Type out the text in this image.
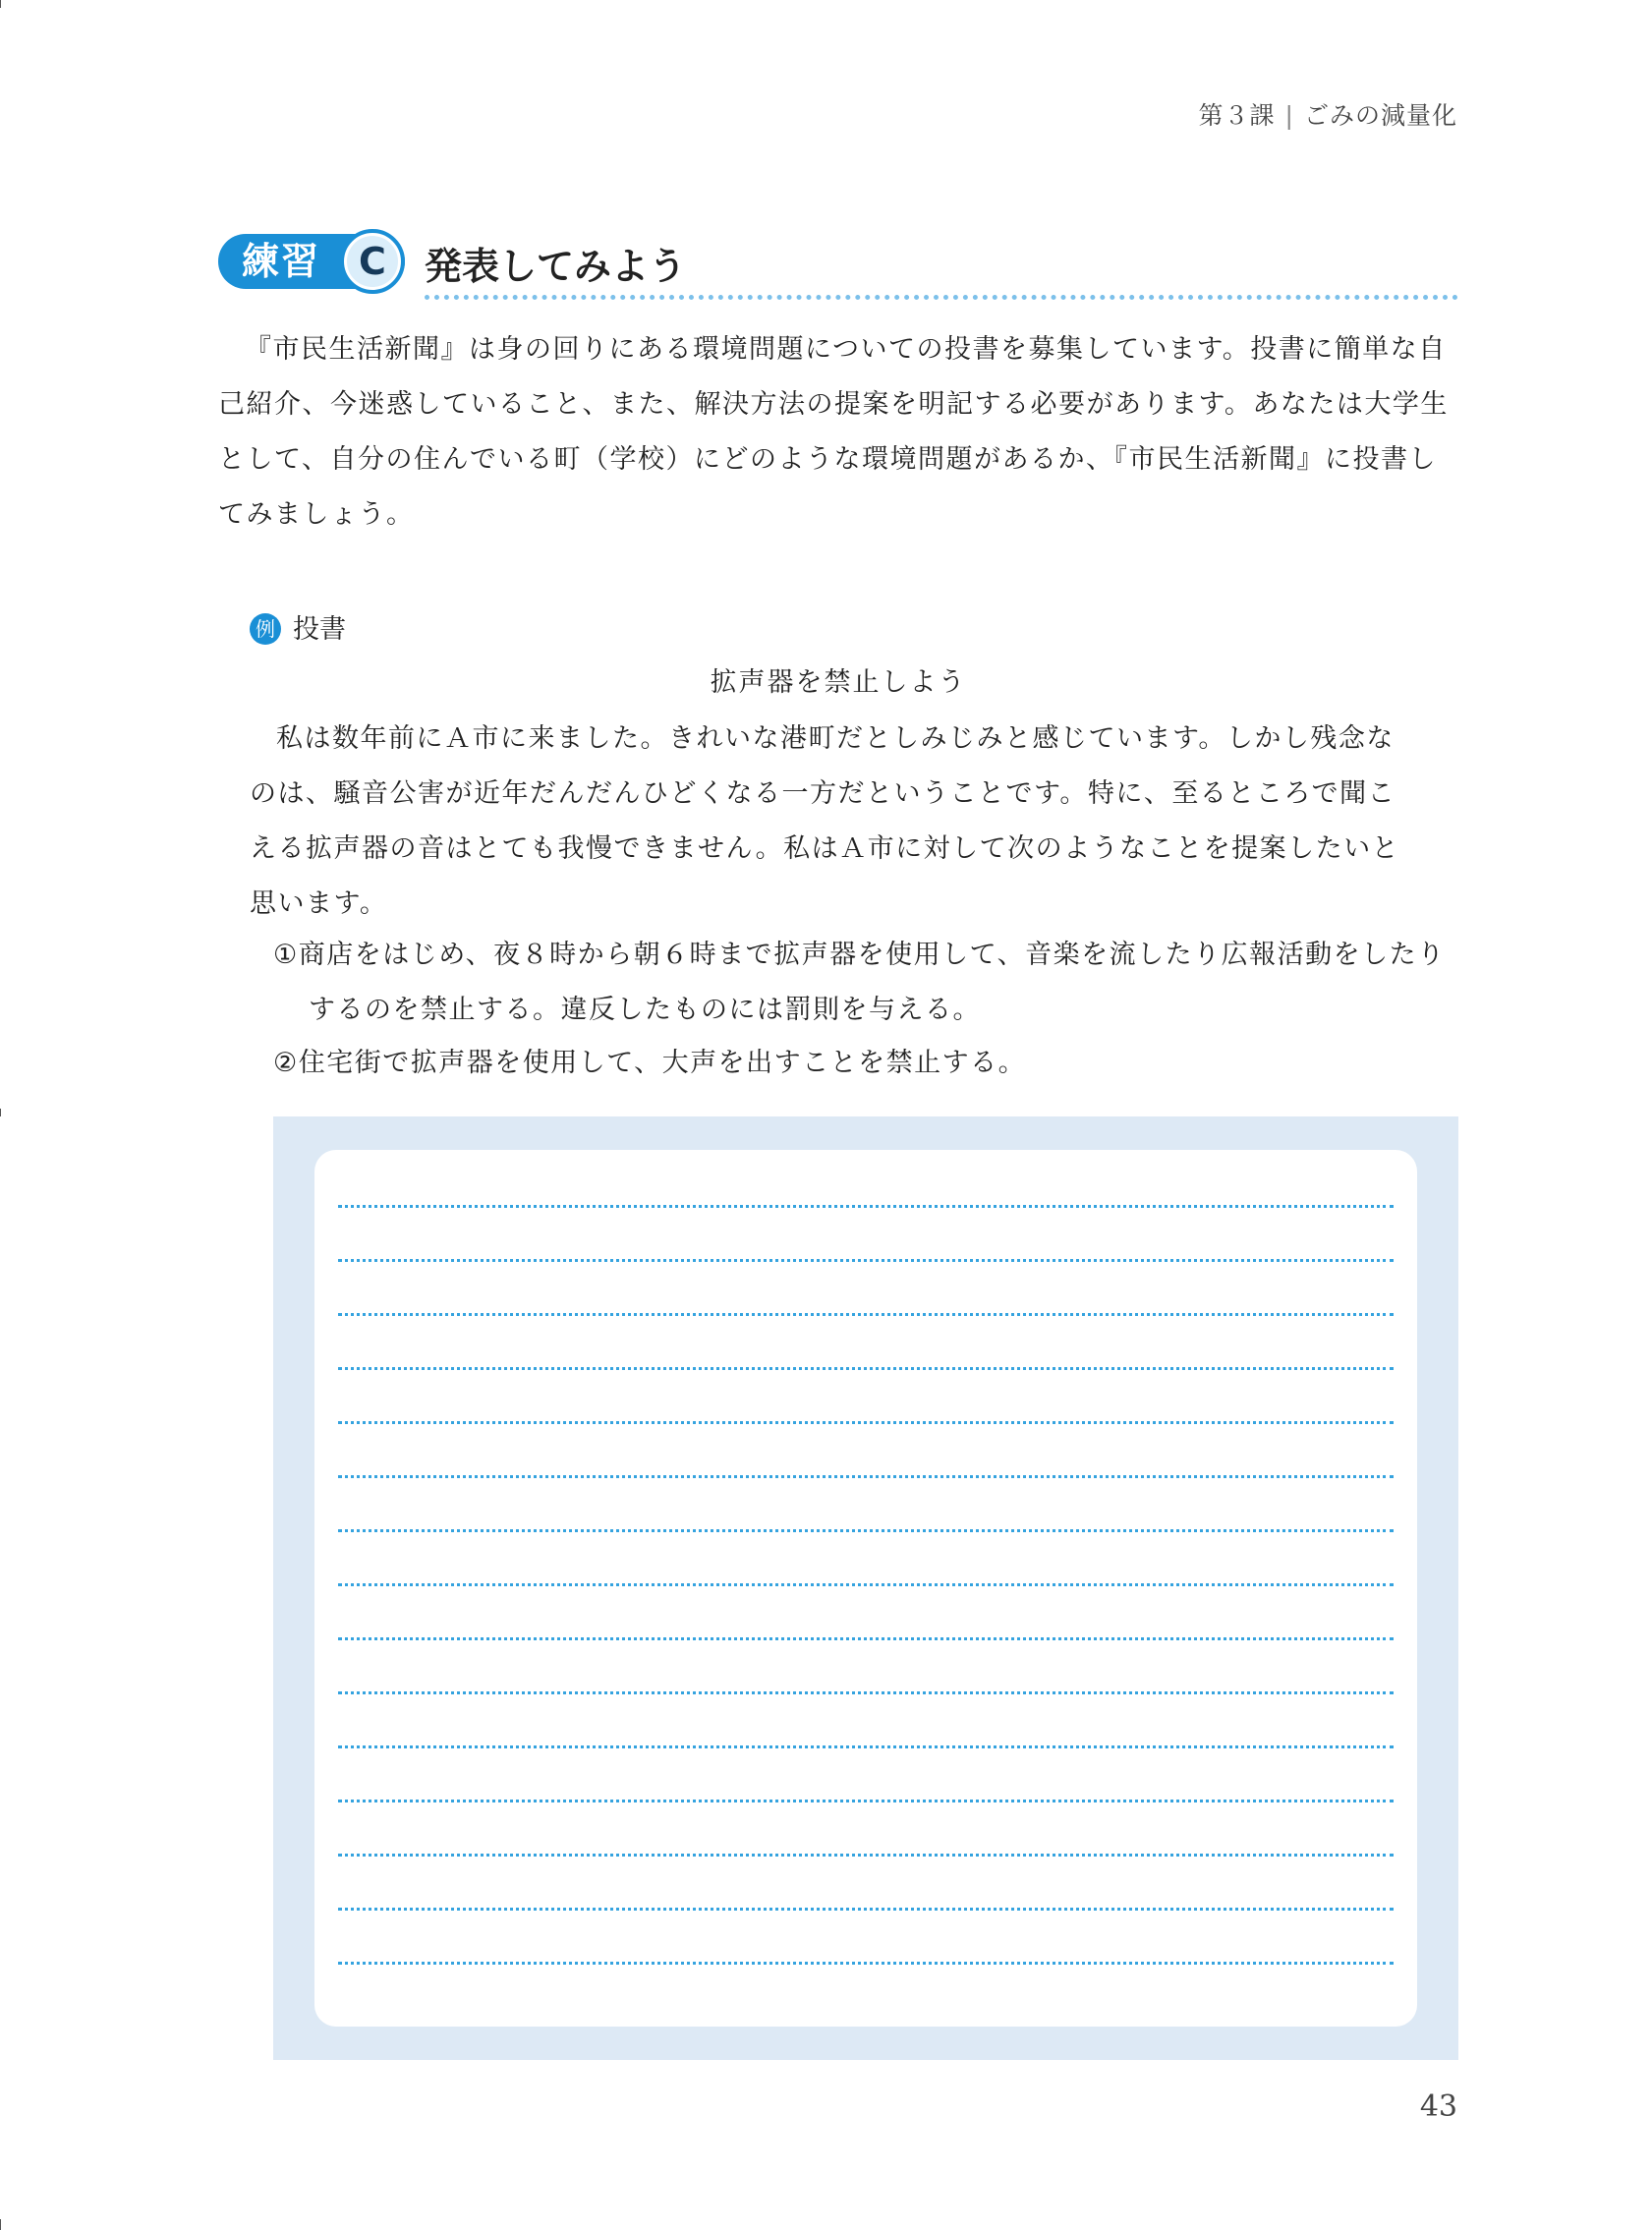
第３課 | ごみの減量化
練習	C	発表してみよう

『市民生活新聞』は身の回りにある環境問題についての投書を募集しています。投書に簡単な自己紹介、今迷惑していること、また、解決方法の提案を明記する必要があります。あなたは大学生として、自分の住んでいる町（学校）にどのような環境問題があるか、『市民生活新聞』に投書してみましょう。

例 投書
拡声器を禁止しよう

私は数年前にＡ市に来ました。きれいな港町だとしみじみと感じています。しかし残念なのは、騒音公害が近年だんだんひどくなる一方だということです。特に、至るところで聞こえる拡声器の音はとても我慢できません。私はＡ市に対して次のようなことを提案したいと思います。

①商店をはじめ、夜８時から朝６時まで拡声器を使用して、音楽を流したり広報活動をしたりするのを禁止する。違反したものには罰則を与える。
②住宅街で拡声器を使用して、大声を出すことを禁止する。
43
